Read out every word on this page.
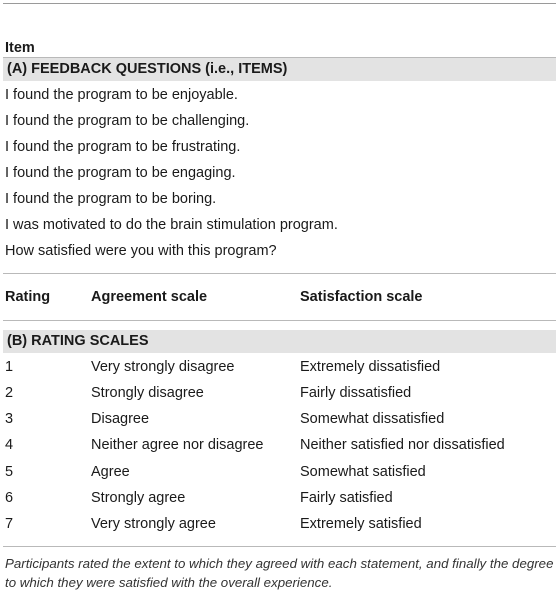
Item
(A) FEEDBACK QUESTIONS (i.e., ITEMS)
I found the program to be enjoyable.
I found the program to be challenging.
I found the program to be frustrating.
I found the program to be engaging.
I found the program to be boring.
I was motivated to do the brain stimulation program.
How satisfied were you with this program?
Rating	Agreement scale	Satisfaction scale
(B) RATING SCALES
1	Very strongly disagree	Extremely dissatisfied
2	Strongly disagree	Fairly dissatisfied
3	Disagree	Somewhat dissatisfied
4	Neither agree nor disagree	Neither satisfied nor dissatisfied
5	Agree	Somewhat satisfied
6	Strongly agree	Fairly satisfied
7	Very strongly agree	Extremely satisfied
Participants rated the extent to which they agreed with each statement, and finally the degree to which they were satisfied with the overall experience.
